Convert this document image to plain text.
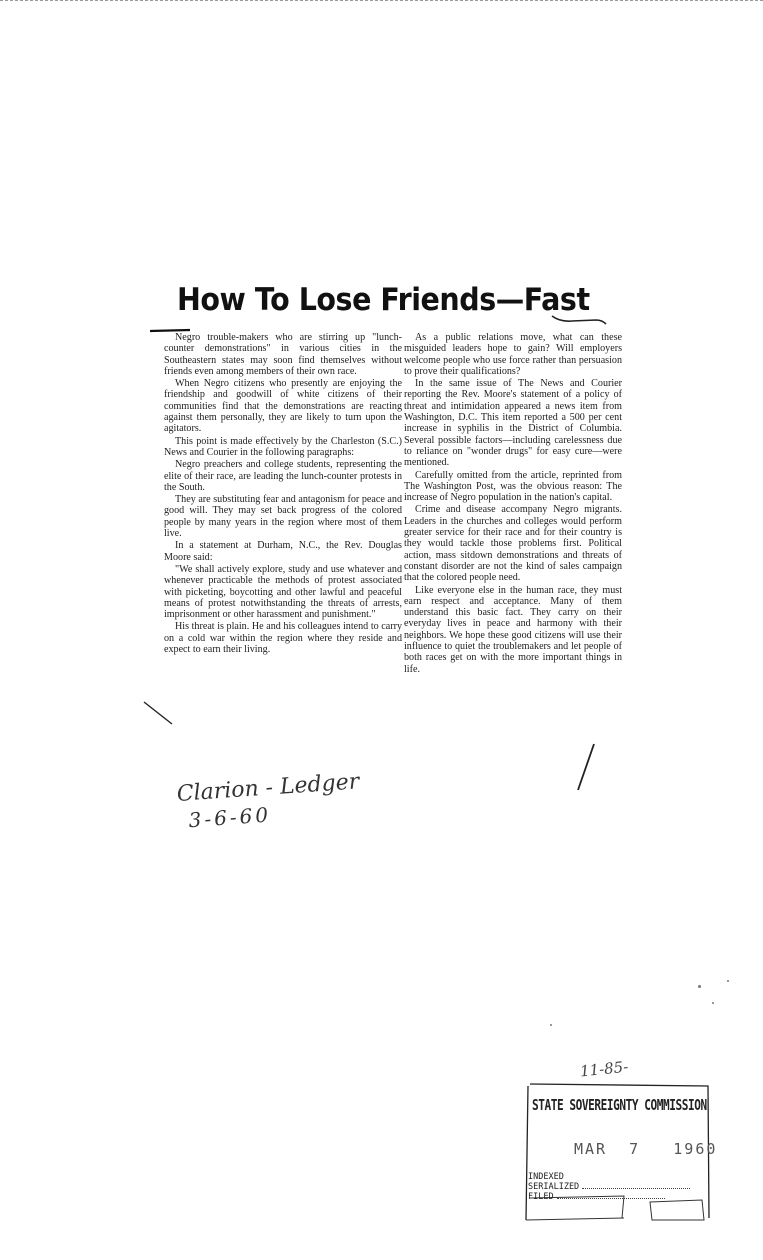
How To Lose Friends—Fast

Negro trouble-makers who are stirring up "lunch-counter demonstrations" in various cities in the Southeastern states may soon find themselves without friends even among members of their own race.

When Negro citizens who presently are enjoying the friendship and goodwill of white citizens of their communities find that the demonstrations are reacting against them personally, they are likely to turn upon the agitators.

This point is made effectively by the Charleston (S.C.) News and Courier in the following paragraphs:

Negro preachers and college students, representing the elite of their race, are leading the lunch-counter protests in the South.

They are substituting fear and antagonism for peace and good will. They may set back progress of the colored people by many years in the region where most of them live.

In a statement at Durham, N.C., the Rev. Douglas Moore said:

"We shall actively explore, study and use whatever and whenever practicable the methods of protest associated with picketing, boycotting and other lawful and peaceful means of protest notwithstanding the threats of arrests, imprisonment or other harassment and punishment."

His threat is plain. He and his colleagues intend to carry on a cold war within the region where they reside and expect to earn their living.

As a public relations move, what can these misguided leaders hope to gain? Will employers welcome people who use force rather than persuasion to prove their qualifications?

In the same issue of The News and Courier reporting the Rev. Moore's statement of a policy of threat and intimidation appeared a news item from Washington, D.C. This item reported a 500 per cent increase in syphilis in the District of Columbia. Several possible factors—including carelessness due to reliance on "wonder drugs" for easy cure—were mentioned.

Carefully omitted from the article, reprinted from The Washington Post, was the obvious reason: The increase of Negro population in the nation's capital.

Crime and disease accompany Negro migrants. Leaders in the churches and colleges would perform greater service for their race and for their country is they would tackle those problems first. Political action, mass sitdown demonstrations and threats of constant disorder are not the kind of sales campaign that the colored people need.

Like everyone else in the human race, they must earn respect and acceptance. Many of them understand this basic fact. They carry on their everyday lives in peace and harmony with their neighbors. We hope these good citizens will use their influence to quiet the troublemakers and let people of both races get on with the more important things in life.

Clarion - Ledger
3-6-60
11-85-
STATE SOVEREIGNTY COMMISSION
MAR 7 1960
INDEXED
SERIALIZED
FILED
